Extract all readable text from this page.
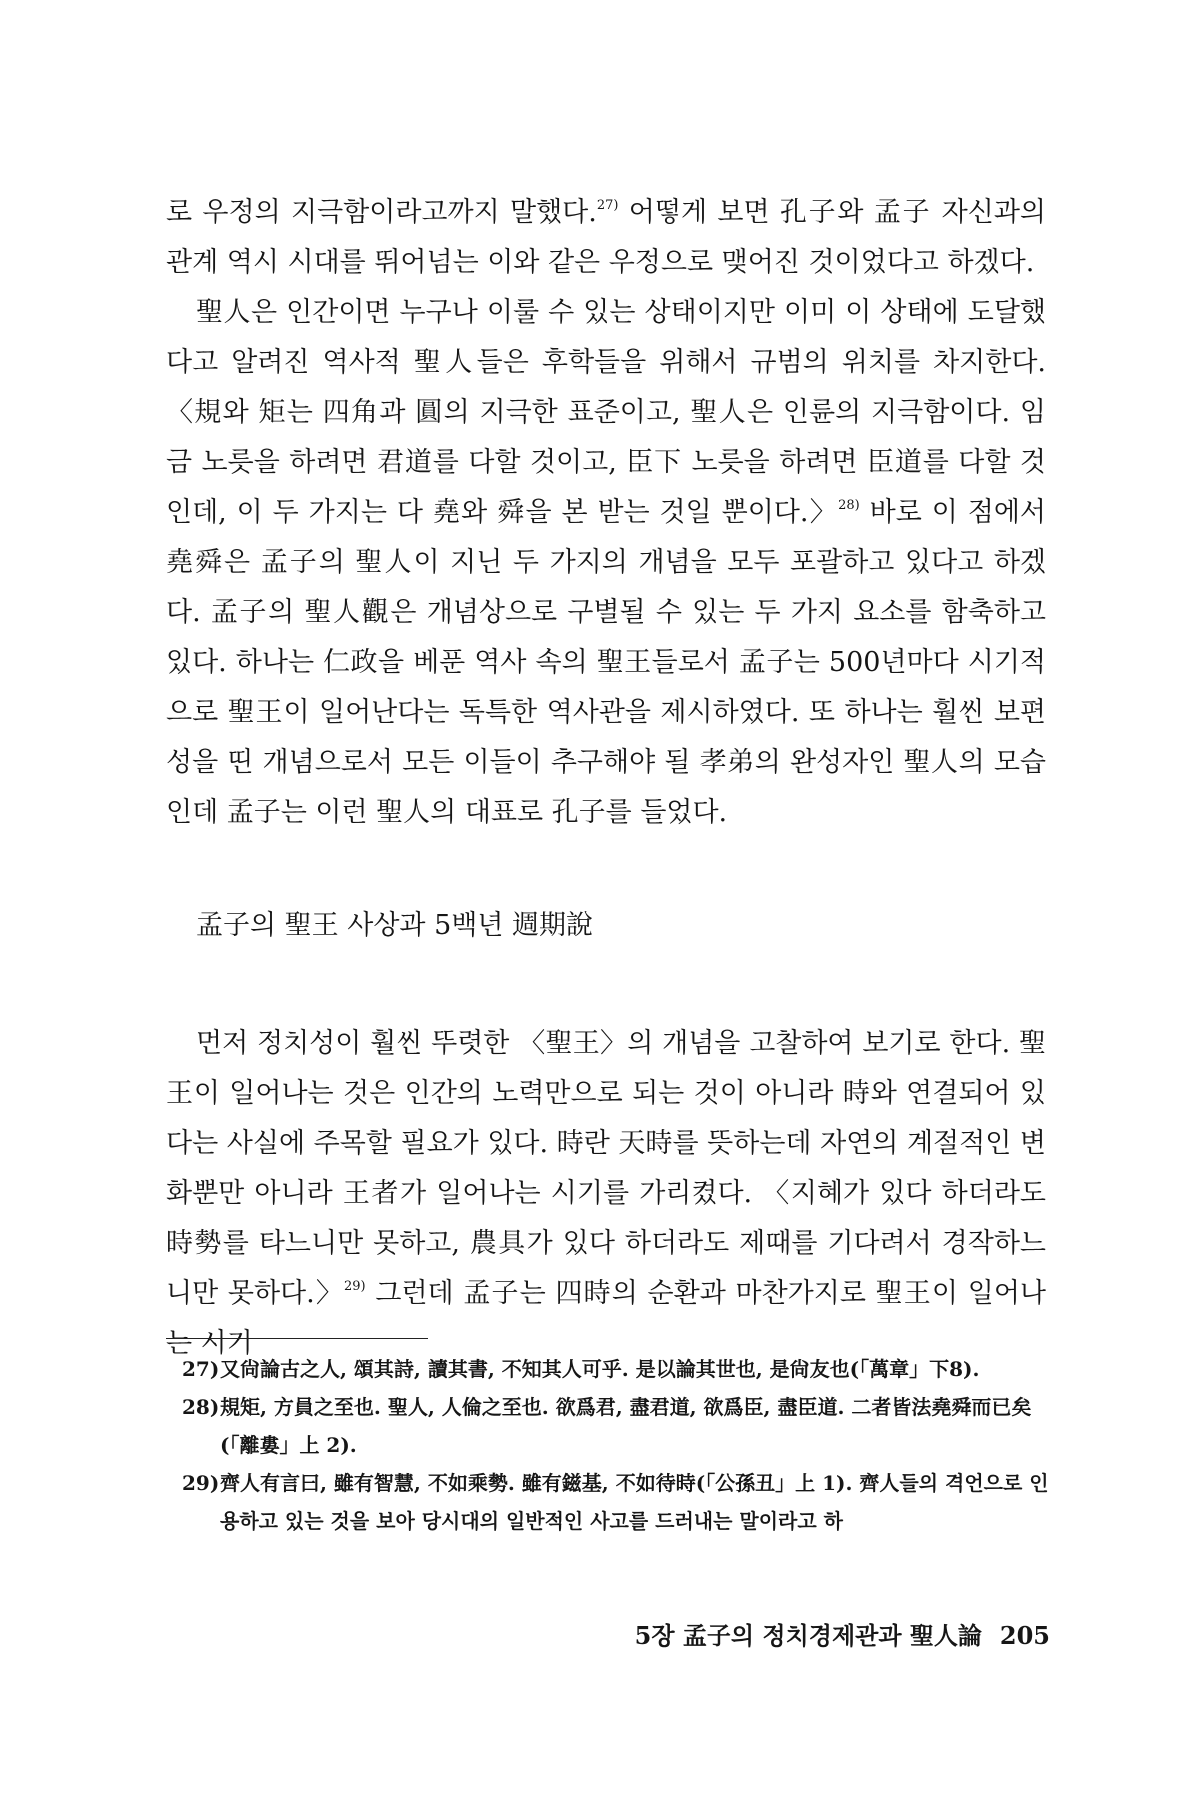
로 우정의 지극함이라고까지 말했다.$^{27)}$ 어떻게 보면 孔子와 孟子 자신과의 관계 역시 시대를 뛰어넘는 이와 같은 우정으로 맺어진 것이었다고 하겠다.

聖人은 인간이면 누구나 이룰 수 있는 상태이지만 이미 이 상태에 도달했다고 알려진 역사적 聖人들은 후학들을 위해서 규범의 위치를 차지한다. 〈規와 矩는 四角과 圓의 지극한 표준이고, 聖人은 인륜의 지극함이다. 임금 노릇을 하려면 君道를 다할 것이고, 臣下 노릇을 하려면 臣道를 다할 것인데, 이 두 가지는 다 堯와 舜을 본 받는 것일 뿐이다.〉$^{28)}$ 바로 이 점에서 堯舜은 孟子의 聖人이 지닌 두 가지의 개념을 모두 포괄하고 있다고 하겠다. 孟子의 聖人觀은 개념상으로 구별될 수 있는 두 가지 요소를 함축하고 있다. 하나는 仁政을 베푼 역사 속의 聖王들로서 孟子는 500년마다 시기적으로 聖王이 일어난다는 독특한 역사관을 제시하였다. 또 하나는 훨씬 보편성을 띤 개념으로서 모든 이들이 추구해야 될 孝弟의 완성자인 聖人의 모습인데 孟子는 이런 聖人의 대표로 孔子를 들었다.

孟子의 聖王 사상과 5백년 週期說

먼저 정치성이 훨씬 뚜렷한 〈聖王〉의 개념을 고찰하여 보기로 한다. 聖王이 일어나는 것은 인간의 노력만으로 되는 것이 아니라 時와 연결되어 있다는 사실에 주목할 필요가 있다. 時란 天時를 뜻하는데 자연의 계절적인 변화뿐만 아니라 王者가 일어나는 시기를 가리켰다. 〈지혜가 있다 하더라도 時勢를 타느니만 못하고, 農具가 있다 하더라도 제때를 기다려서 경작하느니만 못하다.〉$^{29)}$ 그런데 孟子는 四時의 순환과 마찬가지로 聖王이 일어나는 시기

27)又尙論古之人, 頌其詩, 讀其書, 不知其人可乎. 是以論其世也, 是尙友也(「萬章」下8).

28)規矩, 方員之至也. 聖人, 人倫之至也. 欲爲君, 盡君道, 欲爲臣, 盡臣道. 二者皆法堯舜而已矣(「離婁」上 2).

29)齊人有言曰, 雖有智慧, 不如乘勢. 雖有鎡基, 不如待時(「公孫丑」上 1). 齊人들의 격언으로 인용하고 있는 것을 보아 당시대의 일반적인 사고를 드러내는 말이라고 하

5장 孟子의 정치경제관과 聖人論 205
